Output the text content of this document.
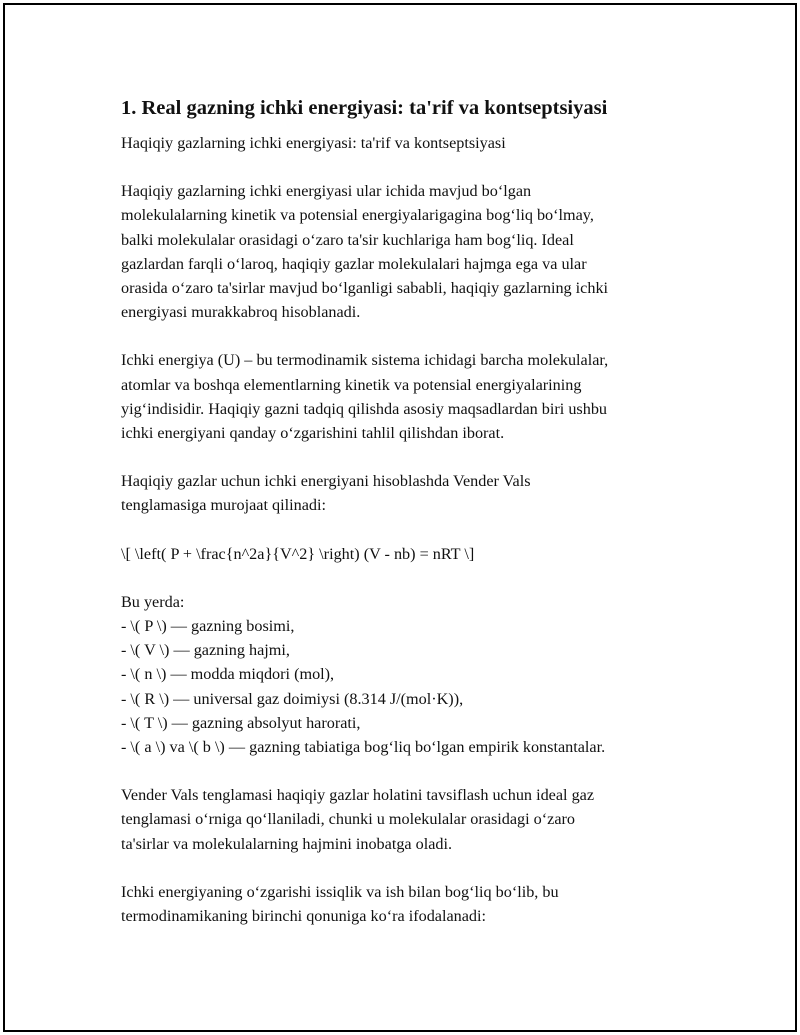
1. Real gazning ichki energiyasi: ta'rif va kontseptsiyasi
Haqiqiy gazlarning ichki energiyasi: ta'rif va kontseptsiyasi
Haqiqiy gazlarning ichki energiyasi ular ichida mavjud bo‘lgan
molekulalarning kinetik va potensial energiyalarigagina bog‘liq bo‘lmay,
balki molekulalar orasidagi o‘zaro ta'sir kuchlariga ham bog‘liq. Ideal
gazlardan farqli o‘laroq, haqiqiy gazlar molekulalari hajmga ega va ular
orasida o‘zaro ta'sirlar mavjud bo‘lganligi sababli, haqiqiy gazlarning ichki
energiyasi murakkabroq hisoblanadi.
Ichki energiya (U) – bu termodinamik sistema ichidagi barcha molekulalar,
atomlar va boshqa elementlarning kinetik va potensial energiyalarining
yig‘indisidir. Haqiqiy gazni tadqiq qilishda asosiy maqsadlardan biri ushbu
ichki energiyani qanday o‘zgarishini tahlil qilishdan iborat.
Haqiqiy gazlar uchun ichki energiyani hisoblashda Vender Vals
tenglamasiga murojaat qilinadi:
\[ \left( P + \frac{n^2a}{V^2} \right) (V - nb) = nRT \]
Bu yerda:
- \( P \) — gazning bosimi,
- \( V \) — gazning hajmi,
- \( n \) — modda miqdori (mol),
- \( R \) — universal gaz doimiysi (8.314 J/(mol·K)),
- \( T \) — gazning absolyut harorati,
- \( a \) va \( b \) — gazning tabiatiga bog‘liq bo‘lgan empirik konstantalar.
Vender Vals tenglamasi haqiqiy gazlar holatini tavsiflash uchun ideal gaz
tenglamasi o‘rniga qo‘llaniladi, chunki u molekulalar orasidagi o‘zaro
ta'sirlar va molekulalarning hajmini inobatga oladi.
Ichki energiyaning o‘zgarishi issiqlik va ish bilan bog‘liq bo‘lib, bu
termodinamikaning birinchi qonuniga ko‘ra ifodalanadi:
